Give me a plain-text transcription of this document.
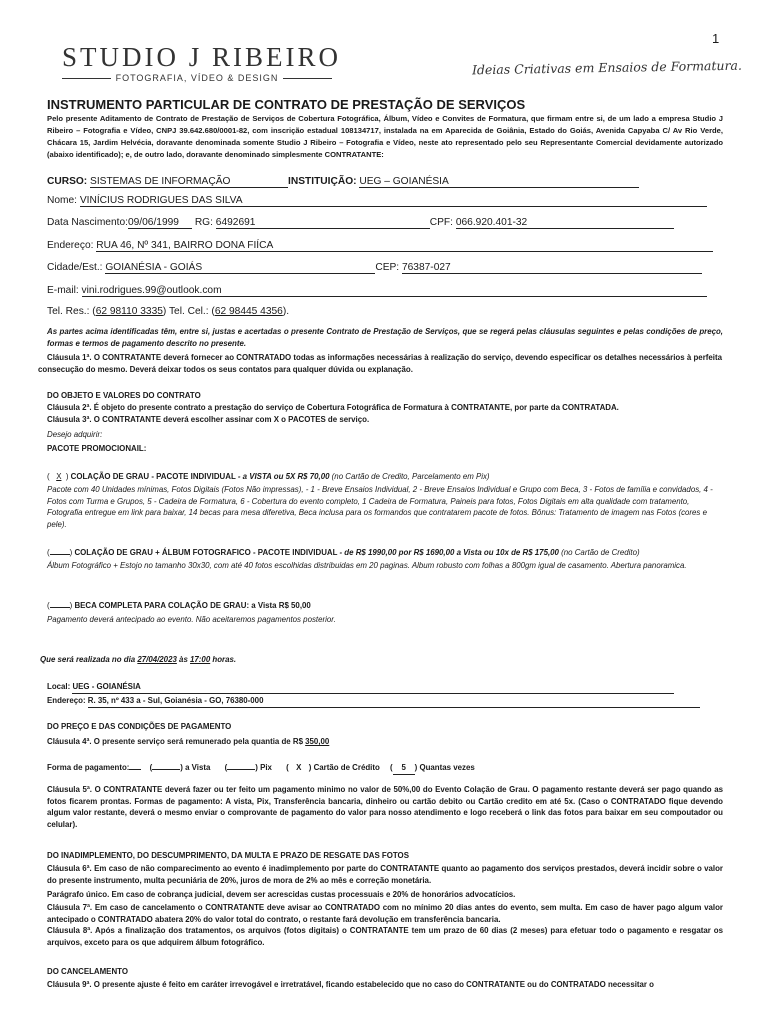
1
STUDIO J RIBEIRO
FOTOGRAFIA, VÍDEO & DESIGN
Ideias Criativas em Ensaios de Formatura.
INSTRUMENTO PARTICULAR DE CONTRATO DE PRESTAÇÃO DE SERVIÇOS
Pelo presente Aditamento de Contrato de Prestação de Serviços de Cobertura Fotográfica, Álbum, Vídeo e Convites de Formatura, que firmam entre si, de um lado a empresa Studio J Ribeiro – Fotografia e Vídeo, CNPJ 39.642.680/0001-82, com inscrição estadual 108134717, instalada na em Aparecida de Goiânia, Estado do Goiás, Avenida Capyaba C/ Av Rio Verde, Chácara 15, Jardim Helvécia, doravante denominada somente Studio J Ribeiro – Fotografia e Vídeo, neste ato representado pelo seu Representante Comercial devidamente autorizado (abaixo identificado); e, de outro lado, doravante denominado simplesmente CONTRATANTE:
CURSO: SISTEMAS DE INFORMAÇÃO	INSTITUIÇÃO: UEG – GOIANÉSIA
Nome: VINÍCIUS RODRIGUES DAS SILVA
Data Nascimento:09/06/1999 RG: 6492691	CPF: 066.920.401-32
Endereço: RUA 46, Nº 341, BAIRRO DONA FIÍCA
Cidade/Est.: GOIANÉSIA - GOIÁS	CEP: 76387-027
E-mail: vini.rodrigues.99@outlook.com
Tel. Res.: (62 98110 3335) Tel. Cel.: (62 98445 4356).
As partes acima identificadas têm, entre si, justas e acertadas o presente Contrato de Prestação de Serviços, que se regerá pelas cláusulas seguintes e pelas condições de preço, formas e termos de pagamento descrito no presente.
Cláusula 1ª. O CONTRATANTE deverá fornecer ao CONTRATADO todas as informações necessárias à realização do serviço, devendo especificar os detalhes necessários à perfeita consecução do mesmo. Deverá deixar todos os seus contatos para qualquer dúvida ou explanação.
DO OBJETO E VALORES DO CONTRATO
Cláusula 2ª. É objeto do presente contrato a prestação do serviço de Cobertura Fotográfica de Formatura à CONTRATANTE, por parte da CONTRATADA.
Cláusula 3ª. O CONTRATANTE deverá escolher assinar com X o PACOTES de serviço.
Desejo adquirir:
PACOTE PROMOCIONAIL:
( X ) COLAÇÃO DE GRAU - PACOTE INDIVIDUAL - a VISTA ou 5X R$ 70,00 (no Cartão de Credito, Parcelamento em Pix)
Pacote com 40 Unidades mínimas, Fotos Digitais (Fotos Não impressas), - 1 - Breve Ensaios Individual, 2 - Breve Ensaios Individual e Grupo com Beca, 3 - Fotos de família e convidados, 4 - Fotos com Turma e Grupos, 5 - Cadeira de Formatura, 6 - Cobertura do evento completo, 1 Cadeira de Formatura, Paineis para fotos, Fotos Digitais em alta qualidade com tratamento, Fotografia entregue em link para baixar, 14 becas para mesa diferetiva, Beca inclusa para os formandos que contratarem pacote de fotos. Bônus: Tratamento de imagem nas Fotos (cores e pele).
(	) COLAÇÃO DE GRAU + ÁLBUM FOTOGRAFICO - PACOTE INDIVIDUAL - de R$ 1990,00 por R$ 1690,00 a Vista ou 10x de R$ 175,00 (no Cartão de Credito)
Álbum Fotográfico + Estojo no tamanho 30x30, com até 40 fotos escolhidas distribuidas em 20 paginas. Album robusto com folhas a 800gm igual de casamento. Abertura panoramica.
(	) BECA COMPLETA PARA COLAÇÃO DE GRAU: a Vista R$ 50,00
Pagamento deverá antecipado ao evento. Não aceitaremos pagamentos posterior.
Que será realizada no dia 27/04/2023 às 17:00 horas.
Local: UEG - GOIANÉSIA
Endereço: R. 35, nº 433 a - Sul, Goianésia - GO, 76380-000
DO PREÇO E DAS CONDIÇÕES DE PAGAMENTO
Cláusula 4ª. O presente serviço será remunerado pela quantia de R$ 350,00
Forma de pagamento:	(	) a Vista (	) Pix ( X ) Cartão de Crédito ( 5 ) Quantas vezes
Cláusula 5ª. O CONTRATANTE deverá fazer ou ter feito um pagamento minimo no valor de 50%,00 do Evento Colação de Grau. O pagamento restante deverá ser pago quando as fotos ficarem prontas. Formas de pagamento: A vista, Pix, Transferência bancaria, dinheiro ou cartão debito ou Cartão credito em até 5x. (Caso o CONTRATADO fique devendo algum valor restante, deverá o mesmo enviar o comprovante de pagamento do valor para nosso atendimento e logo receberá o link das fotos para baixar em seu compoutador ou celular).
DO INADIMPLEMENTO, DO DESCUMPRIMENTO, DA MULTA E PRAZO DE RESGATE DAS FOTOS
Cláusula 6ª. Em caso de não comparecimento ao evento é inadimplemento por parte do CONTRATANTE quanto ao pagamento dos serviços prestados, deverá incidir sobre o valor do presente instrumento, multa pecuniária de 20%, juros de mora de 2% ao mês e correção monetária.
Parágrafo único. Em caso de cobrança judicial, devem ser acrescidas custas processuais e 20% de honorários advocatícios.
Cláusula 7ª. Em caso de cancelamento o CONTRATANTE deve avisar ao CONTRATADO com no mínimo 20 dias antes do evento, sem multa. Em caso de haver pago algum valor antecipado o CONTRATADO abatera 20% do valor total do contrato, o restante fará devolução em transferência bancaria.
Cláusula 8ª. Após a finalização dos tratamentos, os arquivos (fotos digitais) o CONTRATANTE tem um prazo de 60 dias (2 meses) para efetuar todo o pagamento e resgatar os arquivos, exceto para os que adquirem álbum fotográfico.
DO CANCELAMENTO
Cláusula 9ª. O presente ajuste é feito em caráter irrevogável e irretratável, ficando estabelecido que no caso do CONTRATANTE ou do CONTRATADO necessitar o
